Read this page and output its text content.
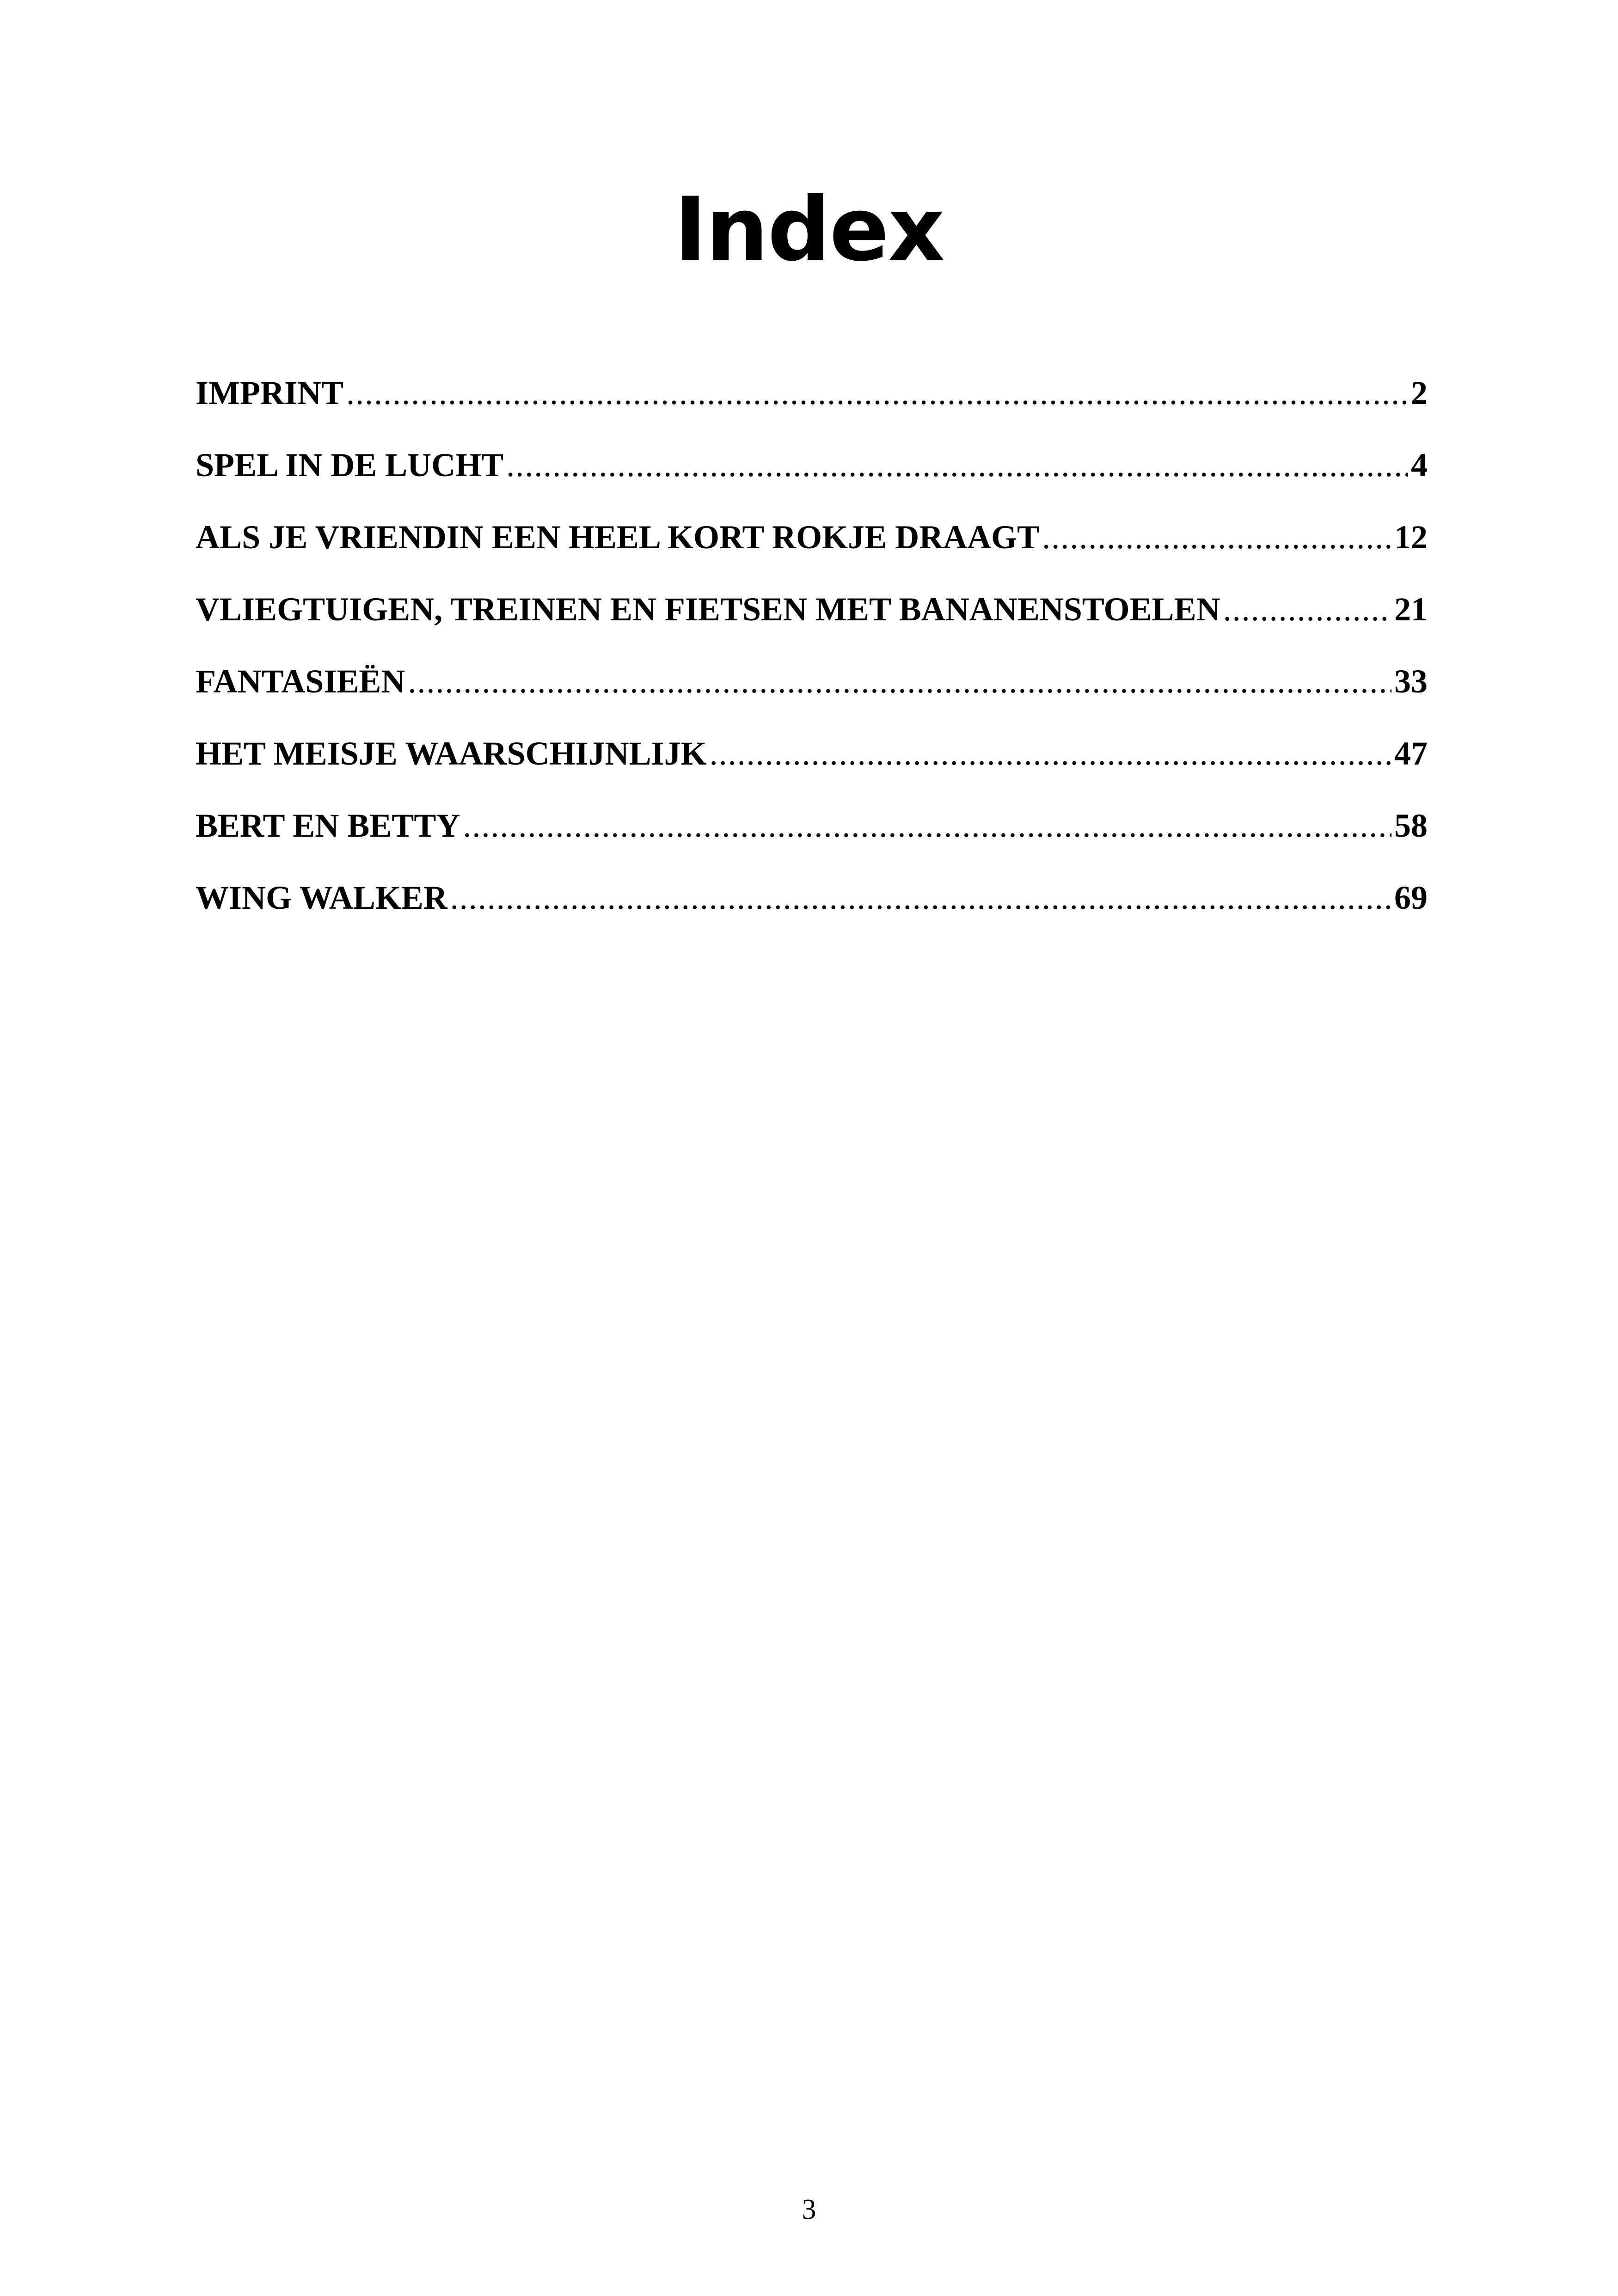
Index
IMPRINT .....	2
SPEL IN DE LUCHT .....	4
ALS JE VRIENDIN EEN HEEL KORT ROKJE DRAAGT .....	12
VLIEGTUIGEN, TREINEN EN FIETSEN MET BANANENSTOELEN .....	21
FANTASIEËN .....	33
HET MEISJE WAARSCHIJNLIJK .....	47
BERT EN BETTY .....	58
WING WALKER .....	69
3
